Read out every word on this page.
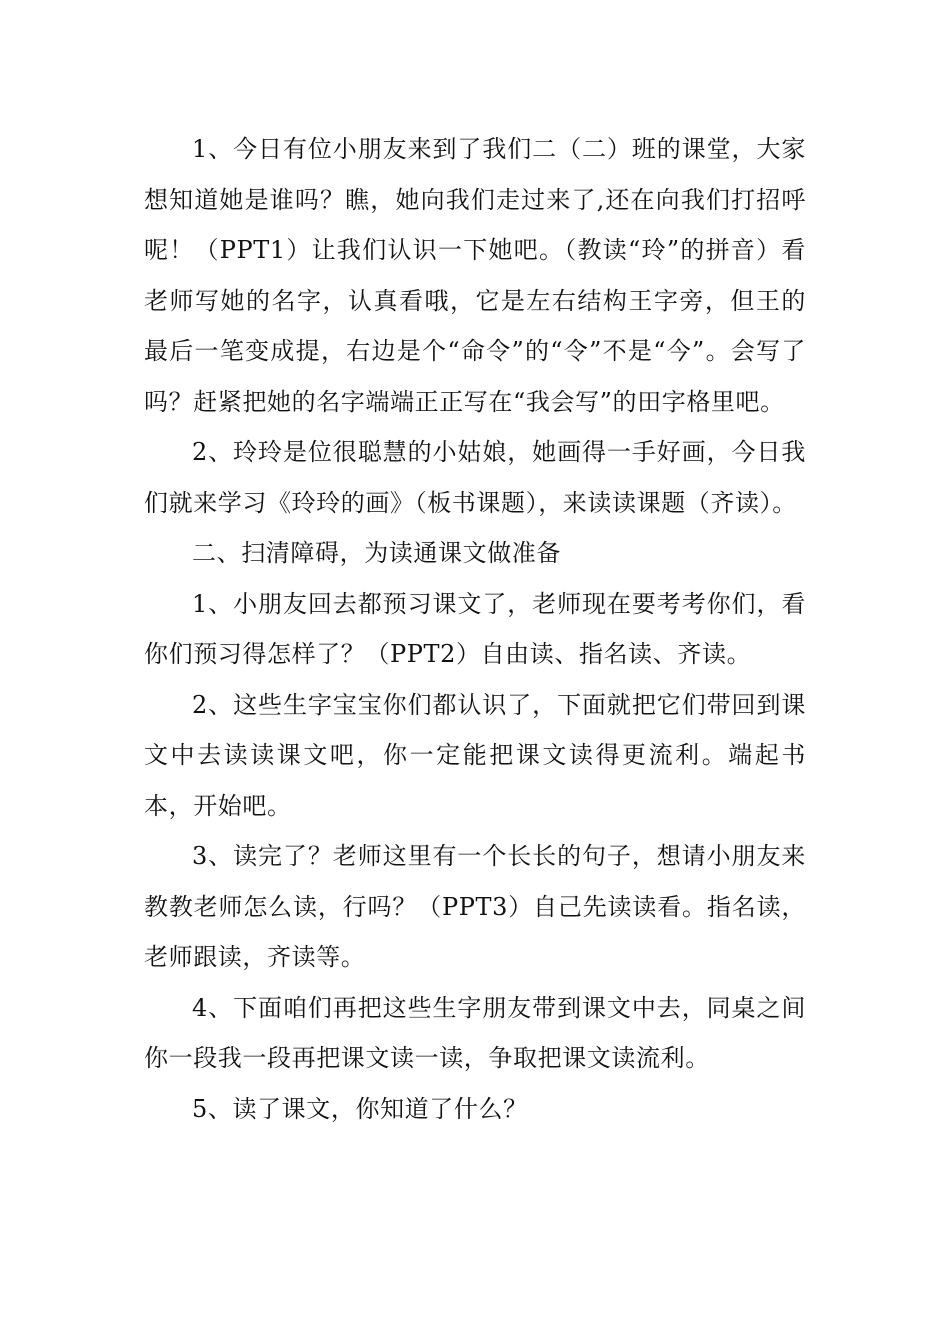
1、今日有位小朋友来到了我们二（二）班的课堂，大家想知道她是谁吗？瞧，她向我们走过来了,还在向我们打招呼呢！（PPT1）让我们认识一下她吧。（教读“玲”的拼音）看老师写她的名字，认真看哦，它是左右结构王字旁，但王的最后一笔变成提，右边是个“命令”的“令”不是“今”。会写了吗？赶紧把她的名字端端正正写在“我会写”的田字格里吧。

2、玲玲是位很聪慧的小姑娘，她画得一手好画，今日我们就来学习《玲玲的画》（板书课题），来读读课题（齐读）。

二、扫清障碍，为读通课文做准备

1、小朋友回去都预习课文了，老师现在要考考你们，看你们预习得怎样了？（PPT2）自由读、指名读、齐读。

2、这些生字宝宝你们都认识了，下面就把它们带回到课文中去读读课文吧，你一定能把课文读得更流利。端起书本，开始吧。

3、读完了？老师这里有一个长长的句子，想请小朋友来教教老师怎么读，行吗？（PPT3）自己先读读看。指名读，老师跟读，齐读等。

4、下面咱们再把这些生字朋友带到课文中去，同桌之间你一段我一段再把课文读一读，争取把课文读流利。

5、读了课文，你知道了什么？
